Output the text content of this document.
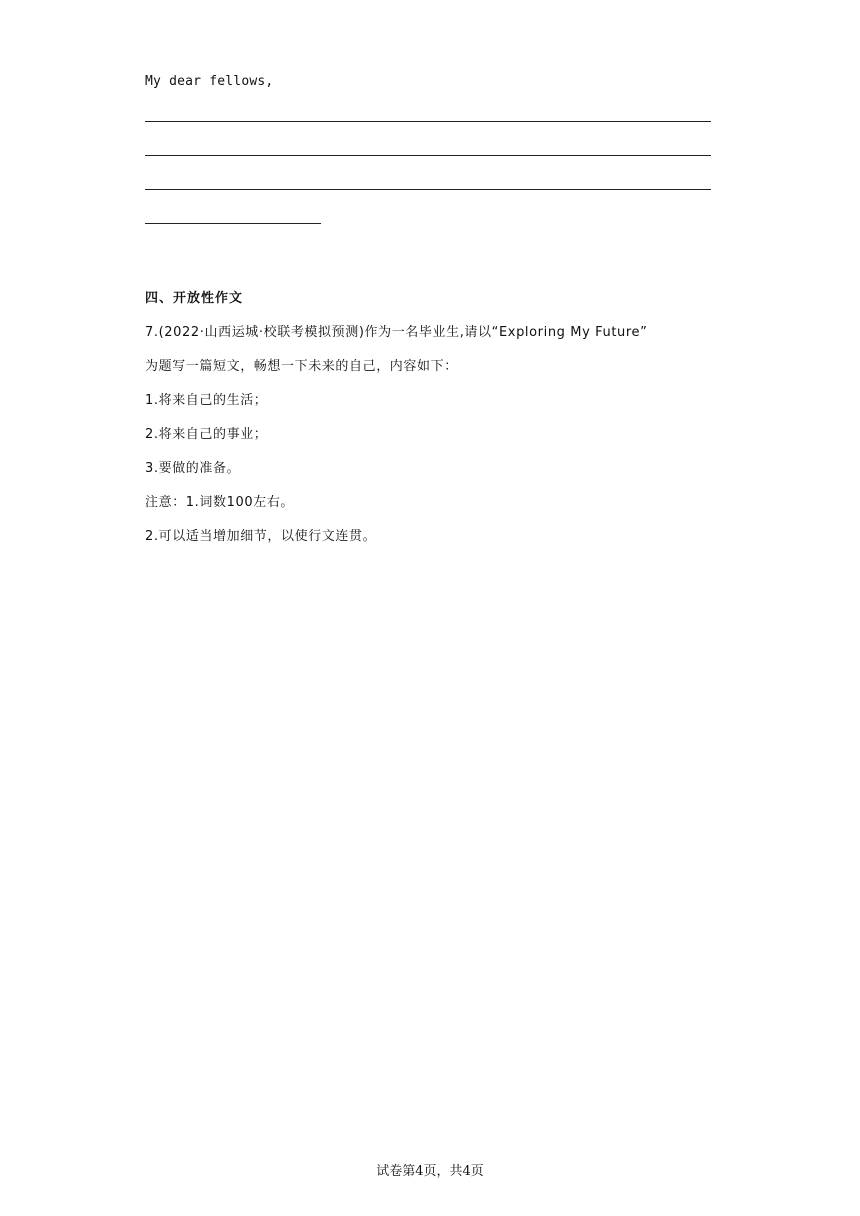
My dear fellows,
四、开放性作文
7.(2022·山西运城·校联考模拟预测)作为一名毕业生,请以“Exploring My Future”
为题写一篇短文，畅想一下未来的自己，内容如下：
1.将来自己的生活；
2.将来自己的事业；
3.要做的准备。
注意：1.词数100左右。
2.可以适当增加细节，以使行文连贯。
试卷第4页，共4页
